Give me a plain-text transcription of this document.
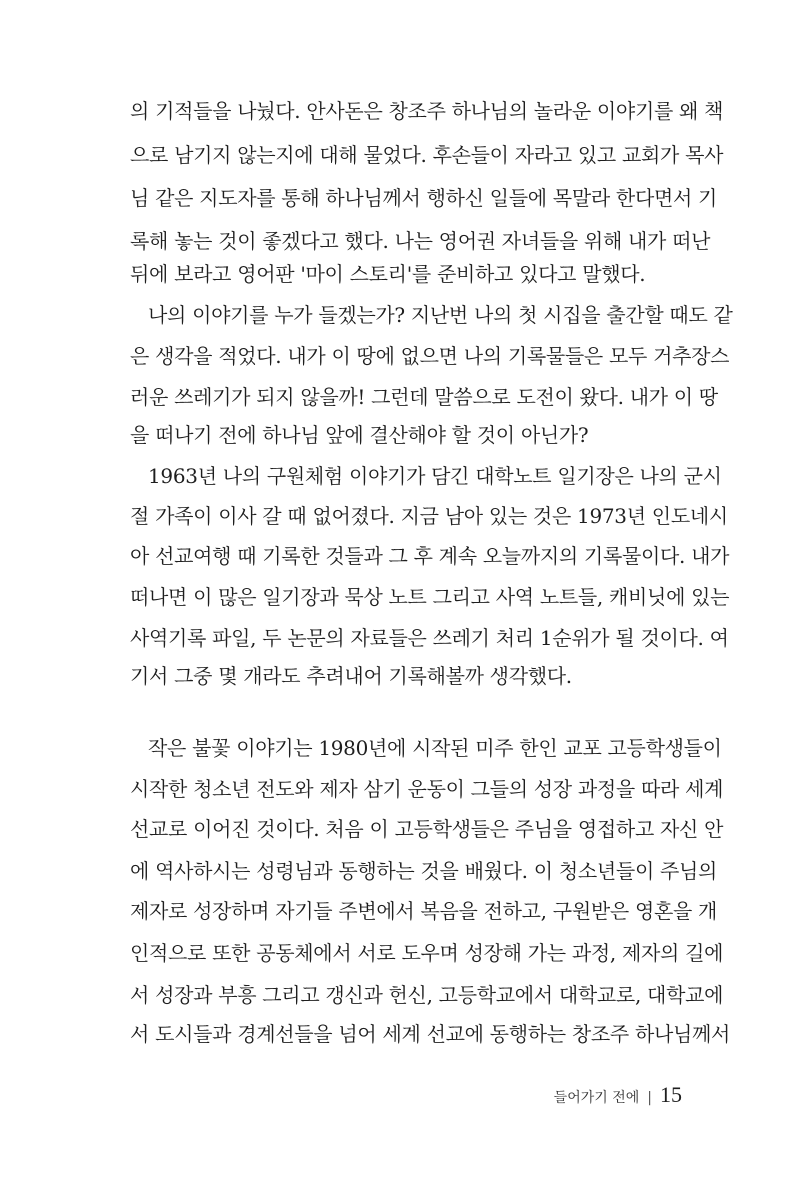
의 기적들을 나눴다. 안사돈은 창조주 하나님의 놀라운 이야기를 왜 책
으로 남기지 않는지에 대해 물었다. 후손들이 자라고 있고 교회가 목사
님 같은 지도자를 통해 하나님께서 행하신 일들에 목말라 한다면서 기
록해 놓는 것이 좋겠다고 했다. 나는 영어권 자녀들을 위해 내가 떠난
뒤에 보라고 영어판 '마이 스토리'를 준비하고 있다고 말했다.
나의 이야기를 누가 들겠는가? 지난번 나의 첫 시집을 출간할 때도 같
은 생각을 적었다. 내가 이 땅에 없으면 나의 기록물들은 모두 거추장스
러운 쓰레기가 되지 않을까! 그런데 말씀으로 도전이 왔다. 내가 이 땅
을 떠나기 전에 하나님 앞에 결산해야 할 것이 아닌가?
1963년 나의 구원체험 이야기가 담긴 대학노트 일기장은 나의 군시
절 가족이 이사 갈 때 없어졌다. 지금 남아 있는 것은 1973년 인도네시
아 선교여행 때 기록한 것들과 그 후 계속 오늘까지의 기록물이다. 내가
떠나면 이 많은 일기장과 묵상 노트 그리고 사역 노트들, 캐비닛에 있는
사역기록 파일, 두 논문의 자료들은 쓰레기 처리 1순위가 될 것이다. 여
기서 그중 몇 개라도 추려내어 기록해볼까 생각했다.
작은 불꽃 이야기는 1980년에 시작된 미주 한인 교포 고등학생들이
시작한 청소년 전도와 제자 삼기 운동이 그들의 성장 과정을 따라 세계
선교로 이어진 것이다. 처음 이 고등학생들은 주님을 영접하고 자신 안
에 역사하시는 성령님과 동행하는 것을 배웠다. 이 청소년들이 주님의
제자로 성장하며 자기들 주변에서 복음을 전하고, 구원받은 영혼을 개
인적으로 또한 공동체에서 서로 도우며 성장해 가는 과정, 제자의 길에
서 성장과 부흥 그리고 갱신과 헌신, 고등학교에서 대학교로, 대학교에
서 도시들과 경계선들을 넘어 세계 선교에 동행하는 창조주 하나님께서
들어가기 전에 | 15
